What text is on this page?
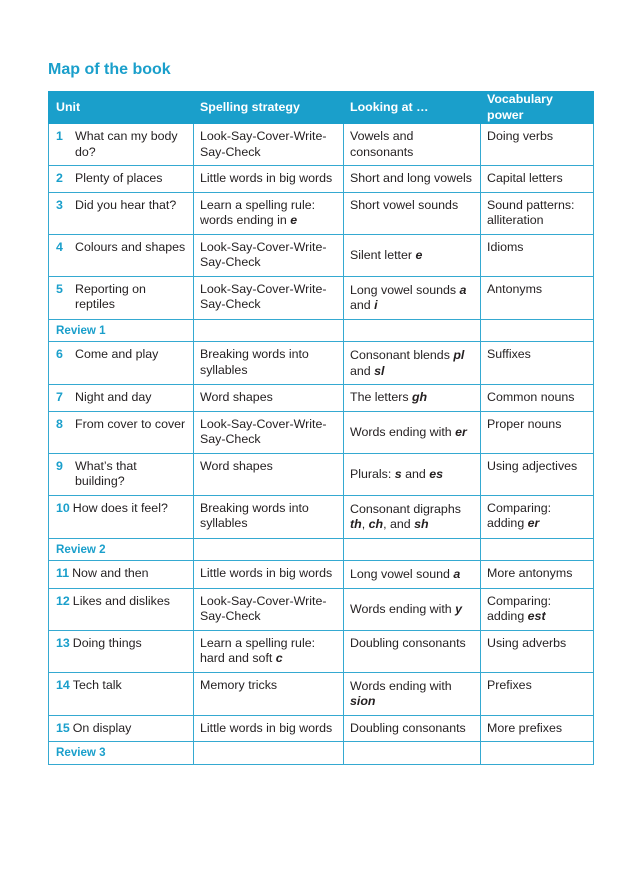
Map of the book
Unit	Spelling strategy	Looking at …	Vocabulary power
1 What can my body do?	Look-Say-Cover-Write-Say-Check	Vowels and consonants	Doing verbs
2 Plenty of places	Little words in big words	Short and long vowels	Capital letters
3 Did you hear that?	Learn a spelling rule: words ending in e	Short vowel sounds	Sound patterns: alliteration
4 Colours and shapes	Look-Say-Cover-Write-Say-Check	Silent letter e	Idioms
5 Reporting on reptiles	Look-Say-Cover-Write-Say-Check	Long vowel sounds a and i	Antonyms
Review 1			
6 Come and play	Breaking words into syllables	Consonant blends pl and sl	Suffixes
7 Night and day	Word shapes	The letters gh	Common nouns
8 From cover to cover	Look-Say-Cover-Write-Say-Check	Words ending with er	Proper nouns
9 What’s that building?	Word shapes	Plurals: s and es	Using adjectives
10 How does it feel?	Breaking words into syllables	Consonant digraphs th, ch, and sh	Comparing: adding er
Review 2			
11 Now and then	Little words in big words	Long vowel sound a	More antonyms
12 Likes and dislikes	Look-Say-Cover-Write-Say-Check	Words ending with y	Comparing: adding est
13 Doing things	Learn a spelling rule: hard and soft c	Doubling consonants	Using adverbs
14 Tech talk	Memory tricks	Words ending with sion	Prefixes
15 On display	Little words in big words	Doubling consonants	More prefixes
Review 3			
